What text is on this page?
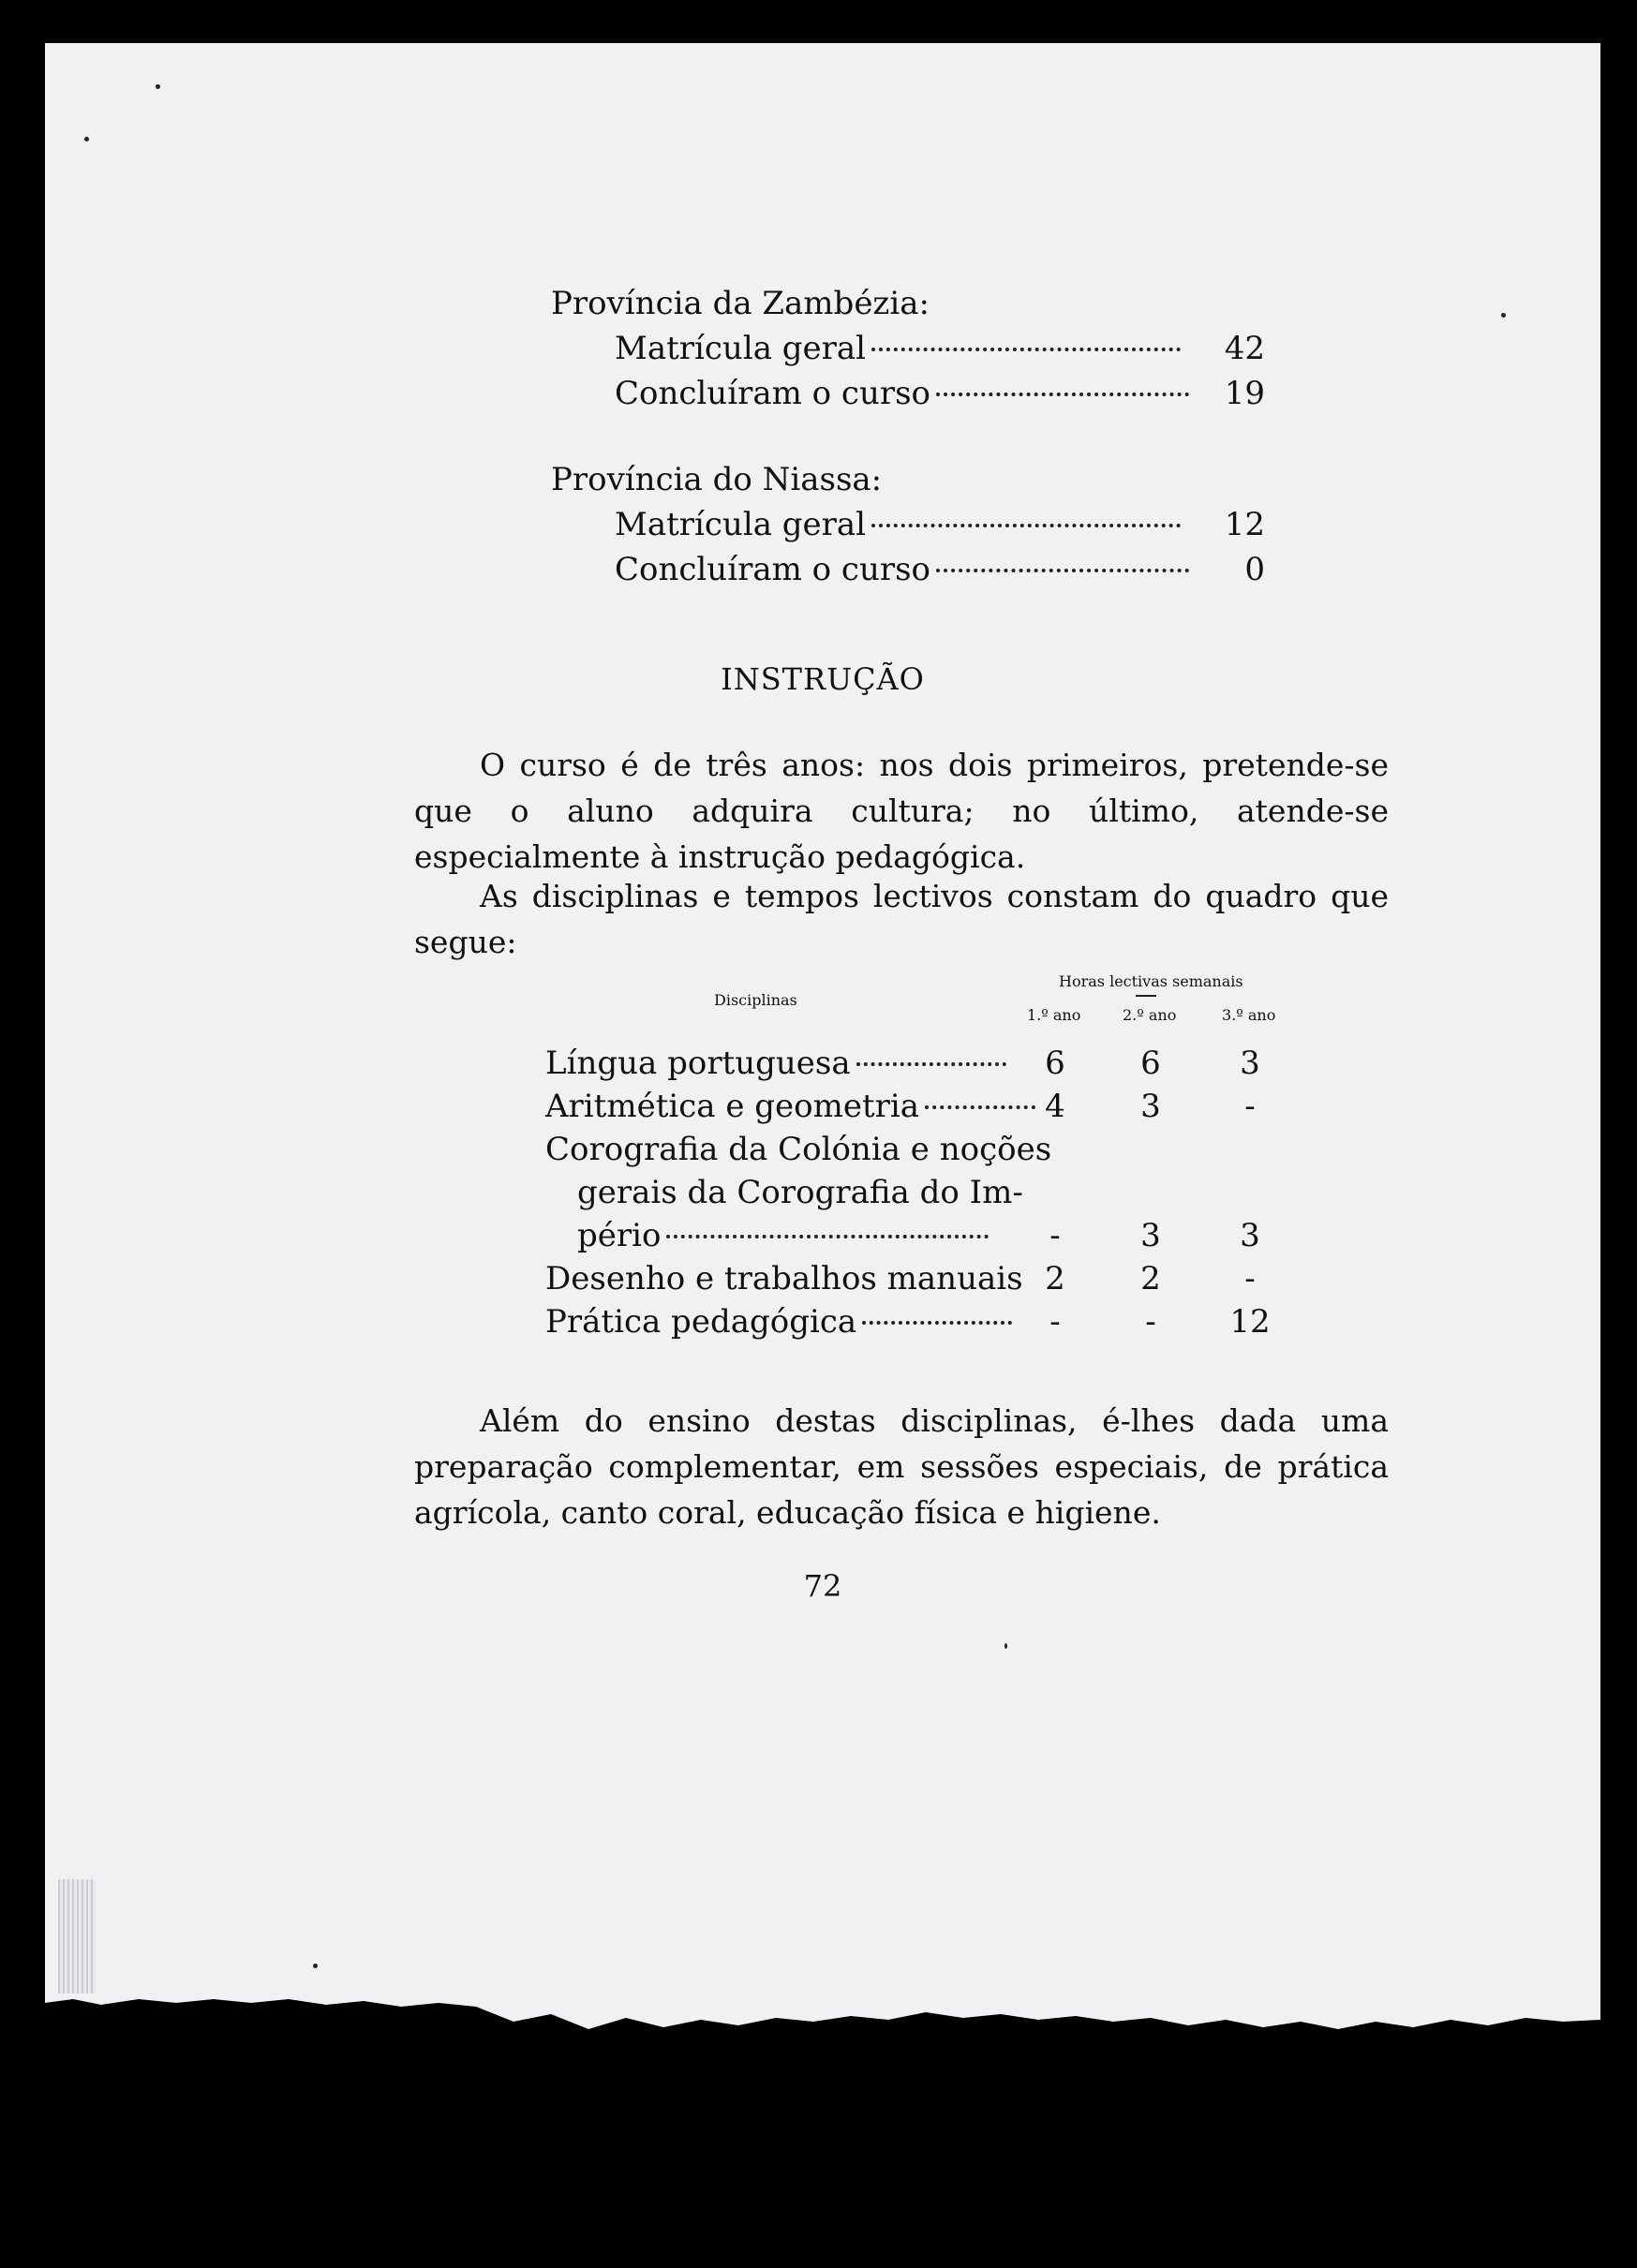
Província da Zambézia:
Matrícula geral	42
Concluíram o curso	19
Província do Niassa:
Matrícula geral	12
Concluíram o curso	0
INSTRUÇÃO
O curso é de três anos: nos dois primeiros, pretende-se que o aluno adquira cultura; no último, atende-se especialmente à instrução pedagógica.
As disciplinas e tempos lectivos constam do quadro que segue:
Disciplinas
Horas lectivas semanais
1.º ano	2.º ano	3.º ano
Língua portuguesa	6	6	3
Aritmética e geometria	4	3	-
Corografia da Colónia e noções
gerais da Corografia do Im-
pério	-	3	3
Desenho e trabalhos manuais 2	2	-
Prática pedagógica	-	-	12
Além do ensino destas disciplinas, é-lhes dada uma preparação complementar, em sessões especiais, de prática agrícola, canto coral, educação física e higiene.
72
